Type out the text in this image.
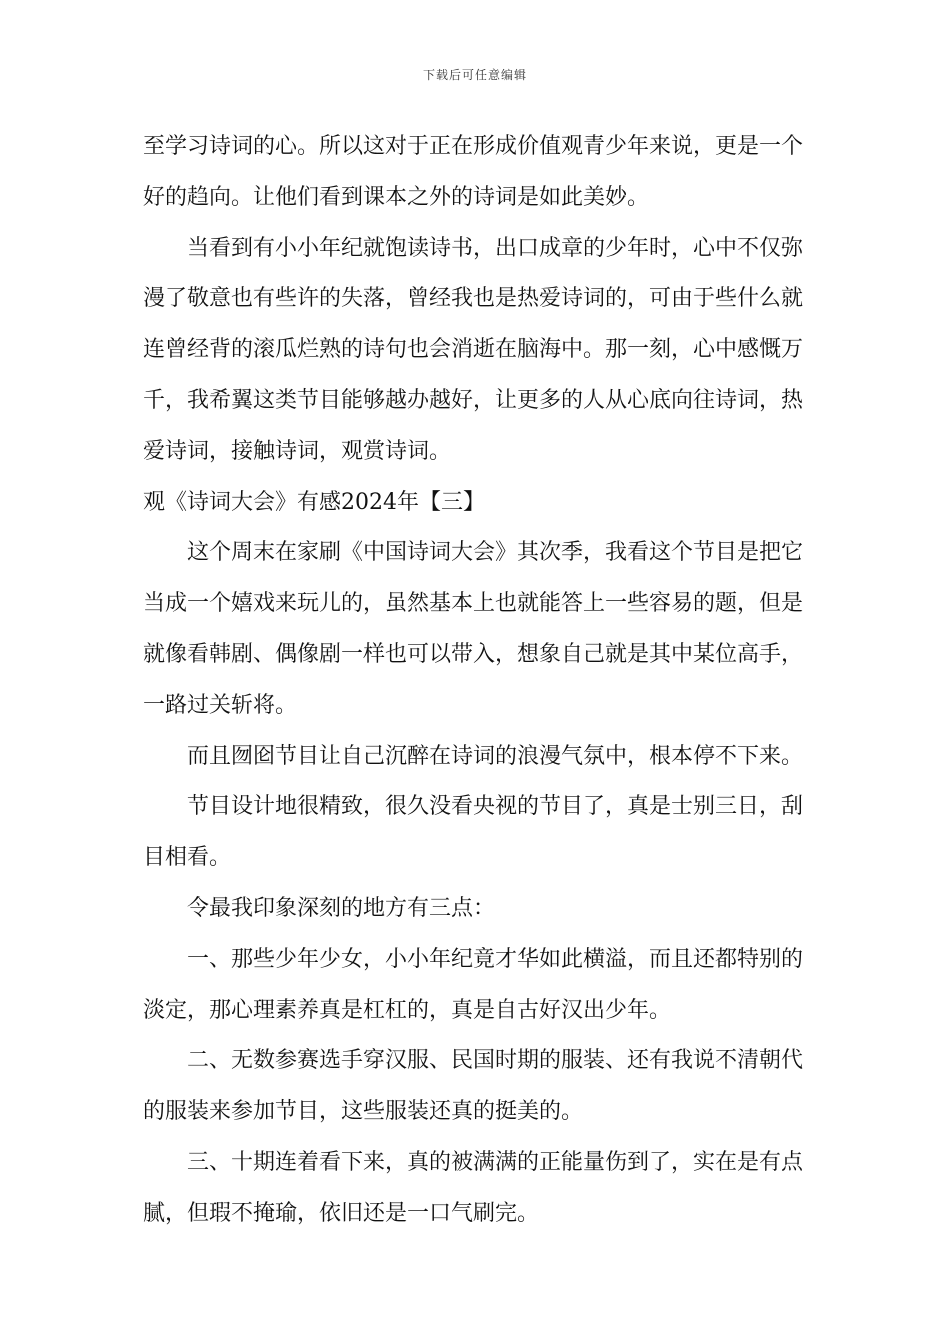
下载后可任意编辑

至学习诗词的心。所以这对于正在形成价值观青少年来说，更是一个好的趋向。让他们看到课本之外的诗词是如此美妙。

当看到有小小年纪就饱读诗书，出口成章的少年时，心中不仅弥漫了敬意也有些许的失落，曾经我也是热爱诗词的，可由于些什么就连曾经背的滚瓜烂熟的诗句也会消逝在脑海中。那一刻，心中感慨万千，我希翼这类节目能够越办越好，让更多的人从心底向往诗词，热爱诗词，接触诗词，观赏诗词。

观《诗词大会》有感2024年【三】

这个周末在家刷《中国诗词大会》其次季，我看这个节目是把它当成一个嬉戏来玩儿的，虽然基本上也就能答上一些容易的题，但是就像看韩剧、偶像剧一样也可以带入，想象自己就是其中某位高手，一路过关斩将。

而且囫囵节目让自己沉醉在诗词的浪漫气氛中，根本停不下来。

节目设计地很精致，很久没看央视的节目了，真是士别三日，刮目相看。

令最我印象深刻的地方有三点：

一、那些少年少女，小小年纪竟才华如此横溢，而且还都特别的淡定，那心理素养真是杠杠的，真是自古好汉出少年。

二、无数参赛选手穿汉服、民国时期的服装、还有我说不清朝代的服装来参加节目，这些服装还真的挺美的。

三、十期连着看下来，真的被满满的正能量伤到了，实在是有点腻，但瑕不掩瑜，依旧还是一口气刷完。
